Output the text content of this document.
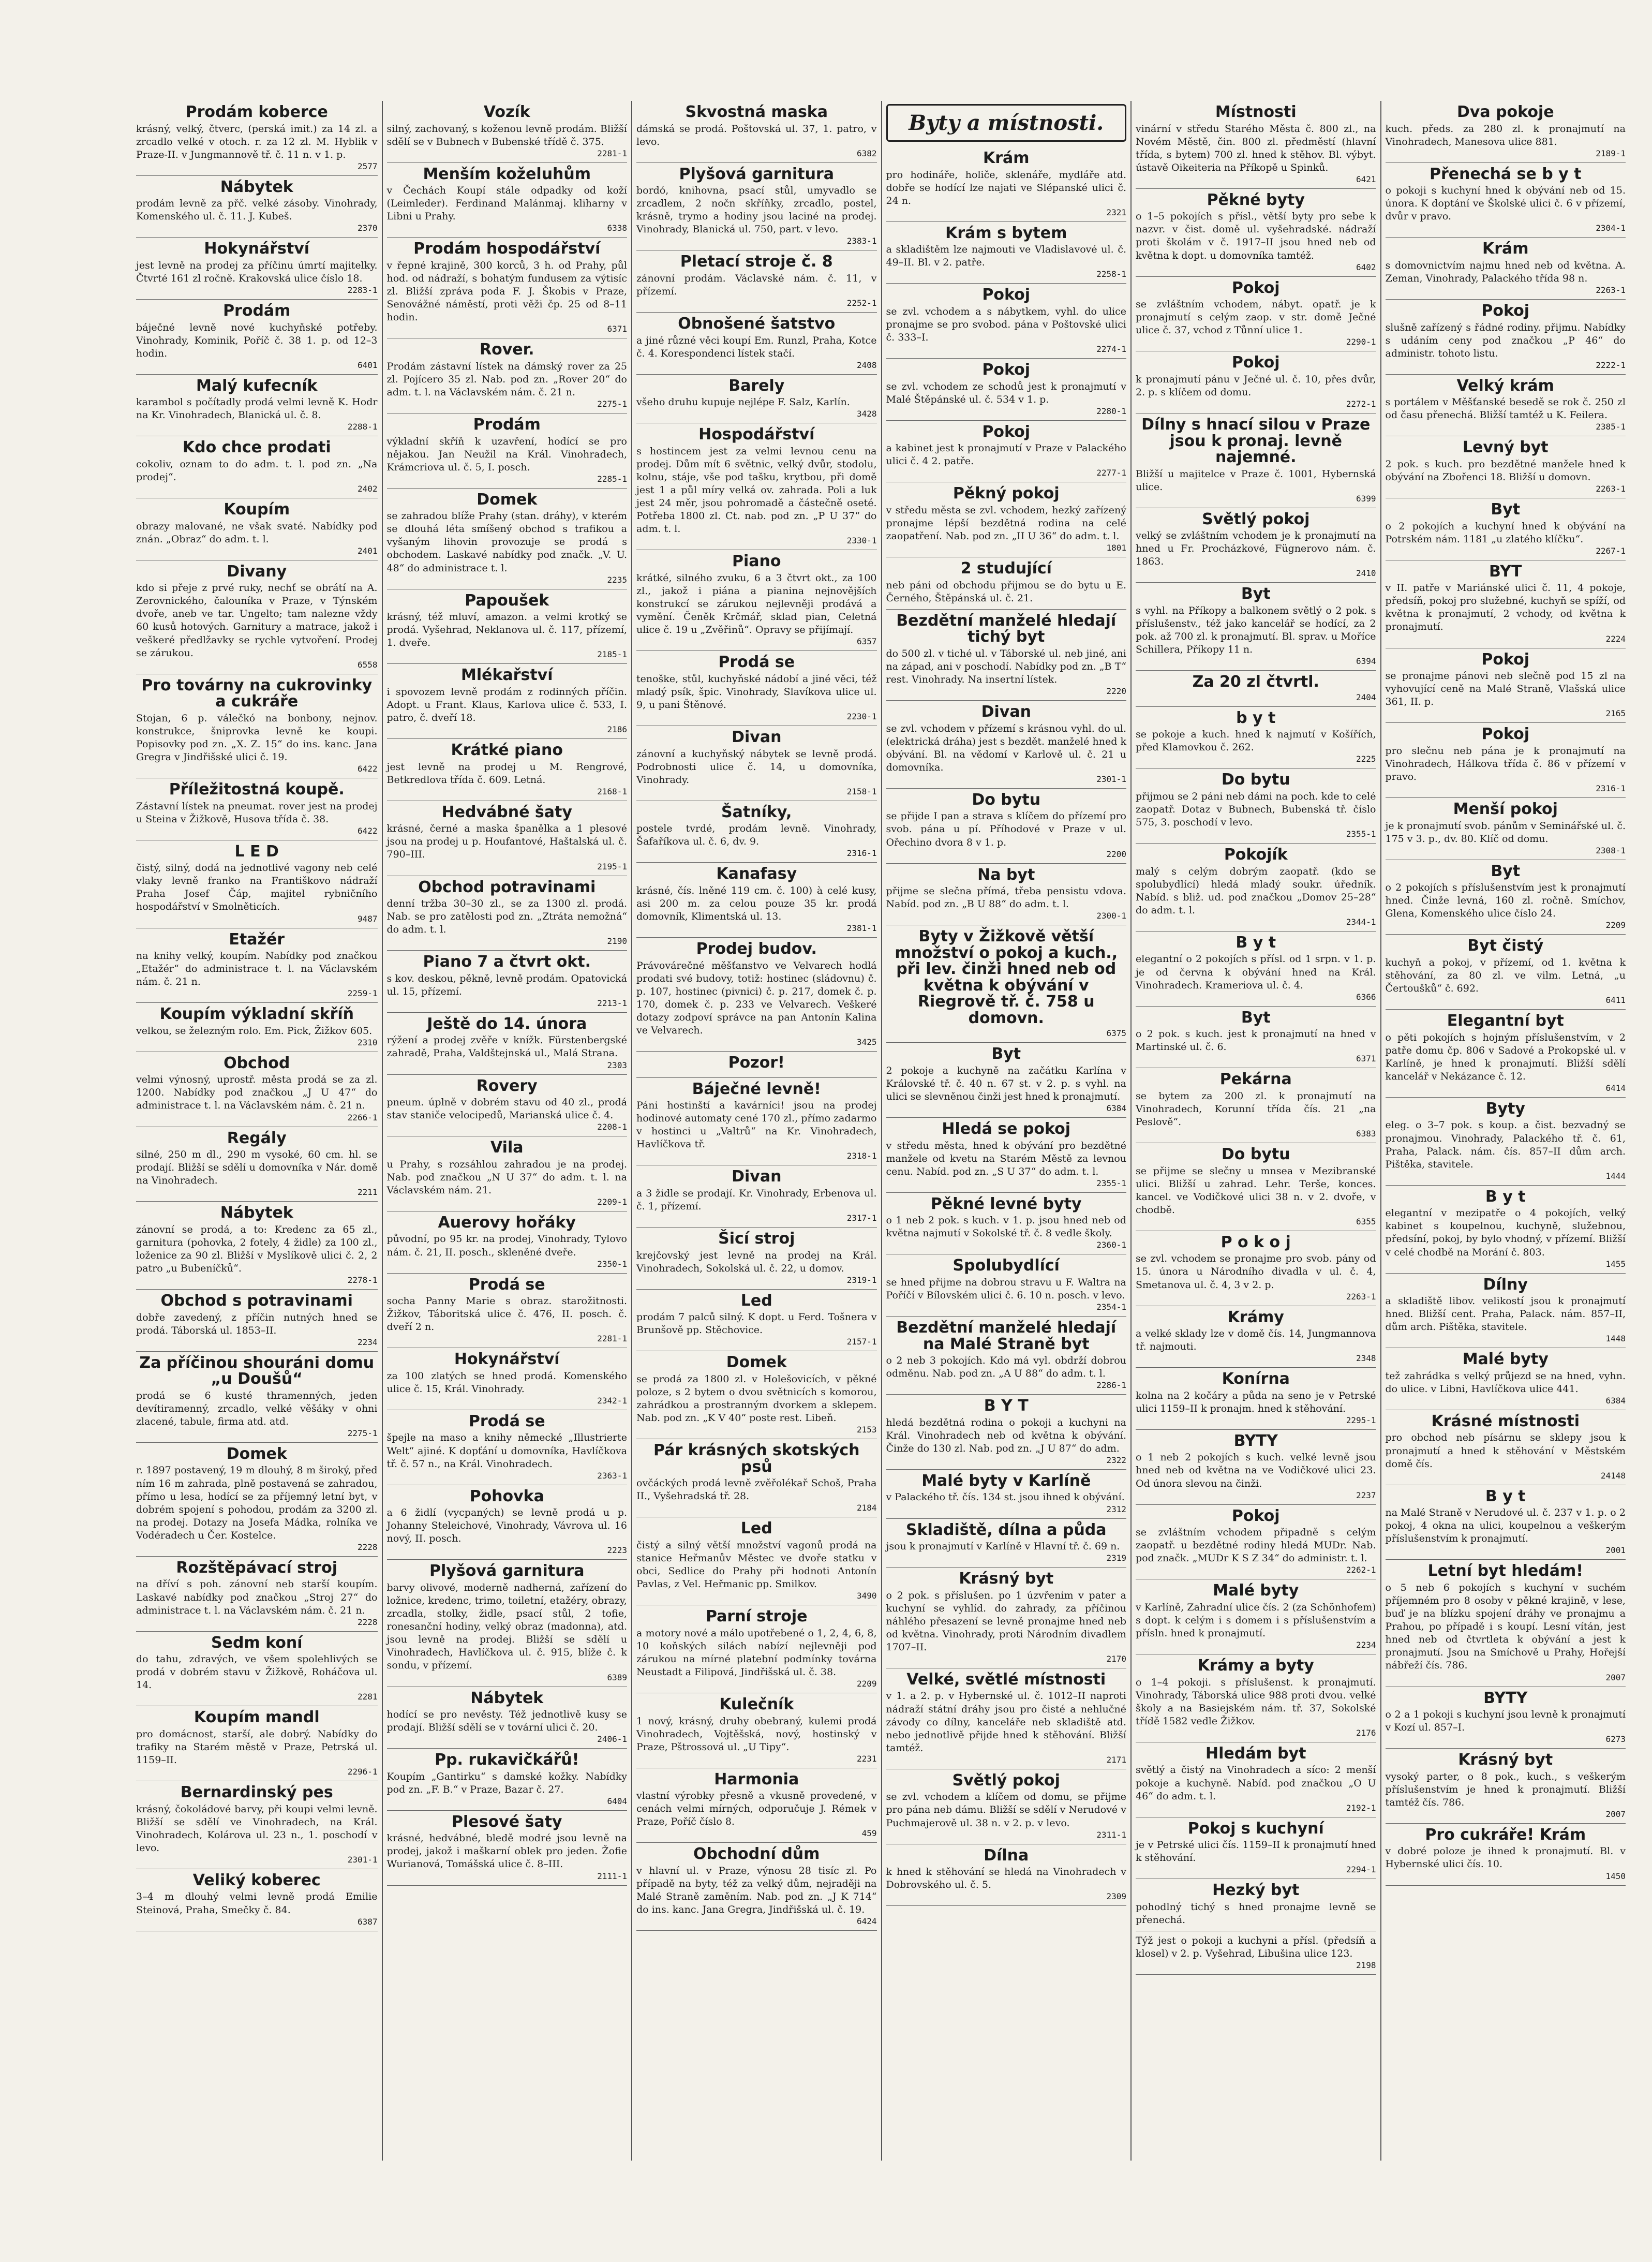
Prodám koberce

krásný, velký, čtverc, (perská imit.) za 14 zl. a zrcadlo velké v otoch. r. za 12 zl. M. Hyblik v Praze-II. v Jungmannově tř. č. 11 n. v 1. p.

2577
Nábytek

prodám levně za přč. velké zásoby. Vinohrady, Komenského ul. č. 11. J. Kubeš.

2370
Hokynářství

jest levně na prodej za příčinu úmrtí majitelky. Čtvrté 161 zl ročně. Krakovská ulice číslo 18.

2283-1
Prodám

báječné levně nové kuchyňské potřeby. Vinohrady, Kominik, Poříč č. 38 1. p. od 12–3 hodin.

6401
Malý kufecník

karambol s počítadly prodá velmi levně K. Hodr na Kr. Vinohradech, Blanická ul. č. 8.

2288-1
Kdo chce prodati

cokoliv, oznam to do adm. t. l. pod zn. „Na prodej“.

2402
Koupím

obrazy malované, ne však svaté. Nabídky pod znán. „Obraz“ do adm. t. l.

2401
Divany

kdo si přeje z prvé ruky, nechť se obrátí na A. Zerovnického, čalouníka v Praze, v Týnském dvoře, aneb ve tar. Ungelto; tam nalezne vždy 60 kusů hotových. Garnitury a matrace, jakož i veškeré předlžavky se rychle vytvoření. Prodej se zárukou.

6558
Pro továrny na cukrovinky a cukráře

Stojan, 6 p. válečkó na bonbony, nejnov. konstrukce, šniprovka levně ke koupi. Popisovky pod zn. „X. Z. 15“ do ins. kanc. Jana Gregra v Jindřišské ulici č. 19.

6422
Příležitostná koupě.

Zástavní lístek na pneumat. rover jest na prodej u Steina v Žižkově, Husova třída č. 38.

6422
L E D

čistý, silný, dodá na jednotlivé vagony neb celé vlaky levně franko na Františkovo nádraží Praha Josef Čáp, majitel rybničního hospodářství v Smolněticích.

9487
Etažér

na knihy velký, koupím. Nabídky pod značkou „Etažér“ do administrace t. l. na Václavském nám. č. 21 n.

2259-1
Koupím výkladní skříň

velkou, se železným rolo. Em. Pick, Žižkov 605.

2310
Obchod

velmi výnosný, uprostř. města prodá se za zl. 1200. Nabídky pod značkou „J U 47“ do administrace t. l. na Václavském nám. č. 21 n.

2266-1
Regály

silné, 250 m dl., 290 m vysoké, 60 cm. hl. se prodají. Bližší se sdělí u domovníka v Nár. domě na Vinohradech.

2211
Nábytek

zánovní se prodá, a to: Kredenc za 65 zl., garnitura (pohovka, 2 fotely, 4 židle) za 100 zl., loženice za 90 zl. Bližší v Myslíkově ulici č. 2, 2 patro „u Bubeníčků“.

2278-1
Obchod s potravinami

dobře zavedený, z příčin nutných hned se prodá. Táborská ul. 1853–II.

2234
Za příčinou shouráni domu „u Doušů“

prodá se 6 kusté thramenných, jeden devítiramenný, zrcadlo, velké věšáky v ohni zlacené, tabule, firma atd. atd.

2275-1
Domek

r. 1897 postavený, 19 m dlouhý, 8 m široký, před ním 16 m zahrada, plně postavená se zahradou, přímo u lesa, hodící se za příjemný letní byt, v dobrém spojení s pohodou, prodám za 3200 zl. na prodej. Dotazy na Josefa Mádka, rolníka ve Vodéradech u Čer. Kostelce.

2228
Rozštěpávací stroj

na dříví s poh. zánovní neb starší koupím. Laskavé nabídky pod značkou „Stroj 27“ do administrace t. l. na Václavském nám. č. 21 n.

2228
Sedm koní

do tahu, zdravých, ve všem spolehlivých se prodá v dobrém stavu v Žižkově, Roháčova ul. 14.

2281
Koupím mandl

pro domácnost, starší, ale dobrý. Nabídky do trafiky na Starém městě v Praze, Petrská ul. 1159–II.

2296-1
Bernardinský pes

krásný, čokoládové barvy, při koupi velmi levně. Bližší se sdělí ve Vinohradech, na Král. Vinohradech, Kolárova ul. 23 n., 1. poschodí v levo.

2301-1
Veliký koberec

3–4 m dlouhý velmi levně prodá Emilie Steinová, Praha, Smečky č. 84.

6387
Vozík

silný, zachovaný, s koženou levně prodám. Bližší sdělí se v Bubnech v Bubenské třídě č. 375.

2281-1
Menším koželuhům

v Čechách Koupí stále odpadky od koží (Leimleder). Ferdinand Malánmaj. kliharny v Libni u Prahy.

6338
Prodám hospodářství

v řepné krajině, 300 korců, 3 h. od Prahy, půl hod. od nádraží, s bohatým fundusem za výtisíc zl. Bližší zpráva poda F. J. Škobis v Praze, Senovážné náměstí, proti věži čp. 25 od 8–11 hodin.

6371
Rover.

Prodám zástavní lístek na dámský rover za 25 zl. Pojícero 35 zl. Nab. pod zn. „Rover 20“ do adm. t. l. na Václavském nám. č. 21 n.

2275-1
Prodám

výkladní skříň k uzavření, hodící se pro nějakou. Jan Neužil na Král. Vinohradech, Krámcriova ul. č. 5, I. posch.

2285-1
Domek

se zahradou blíže Prahy (stan. dráhy), v kterém se dlouhá léta smíšený obchod s trafikou a vyšaným lihovin provozuje se prodá s obchodem. Laskavé nabídky pod značk. „V. U. 48“ do administrace t. l.

2235
Papoušek

krásný, též mluví, amazon. a velmi krotký se prodá. Vyšehrad, Neklanova ul. č. 117, přízemí, 1. dveře.

2185-1
Mlékařství

i spovozem levně prodám z rodinných příčin. Adopt. u Frant. Klaus, Karlova ulice č. 533, I. patro, č. dveří 18.

2186
Krátké piano

jest levně na prodej u M. Rengrové, Betkredlova třída č. 609. Letná.

2168-1
Hedvábné šaty

krásné, černé a maska španělka a 1 plesové jsou na prodej u p. Houfantové, Haštalská ul. č. 790–III.

2195-1
Obchod potravinami

denní tržba 30–30 zl., se za 1300 zl. prodá. Nab. se pro zatělosti pod zn. „Ztráta nemožná“ do adm. t. l.

2190
Piano 7 a čtvrt okt.

s kov. deskou, pěkně, levně prodám. Opatovická ul. 15, přízemí.

2213-1
Ještě do 14. února

rýžení a prodej zvěře v knížk. Fürstenbergské zahradě, Praha, Valdštejnská ul., Malá Strana.

2303
Rovery

pneum. úplně v dobrém stavu od 40 zl., prodá stav staniče velocipedů, Marianská ulice č. 4.

2208-1
Vila

u Prahy, s rozsáhlou zahradou je na prodej. Nab. pod značkou „N U 37“ do adm. t. l. na Václavském nám. 21.

2209-1
Auerovy hořáky

původní, po 95 kr. na prodej, Vinohrady, Tylovo nám. č. 21, II. posch., skleněné dveře.

2350-1
Prodá se

socha Panny Marie s obraz. starožitnosti. Žižkov, Táboritská ulice č. 476, II. posch. č. dveří 2 n.

2281-1
Hokynářství

za 100 zlatých se hned prodá. Komenského ulice č. 15, Král. Vinohrady.

2342-1
Prodá se

špejle na maso a knihy německé „Illustrierte Welt“ ajiné. K dopťání u domovníka, Havlíčkova tř. č. 57 n., na Král. Vinohradech.

2363-1
Pohovka

a 6 židlí (vycpaných) se levně prodá u p. Johanny Steleichové, Vinohrady, Vávrova ul. 16 nový, II. posch.

2223
Plyšová garnitura

barvy olivové, moderně nadherná, zařízení do ložnice, kredenc, trimo, toiletní, etažéry, obrazy, zrcadla, stolky, židle, psací stůl, 2 tofie, ronesanční hodiny, velký obraz (madonna), atd. jsou levně na prodej. Bližší se sdělí u Vinohradech, Havlíčkova ul. č. 915, blíže č. k sondu, v přízemí.

6389
Nábytek

hodící se pro nevěsty. Též jednotlivě kusy se prodají. Bližší sdělí se v tovární ulici č. 20.

2406-1
Pp. rukavičkářů!

Koupím „Gantirku“ s damské kožky. Nabídky pod zn. „F. B.“ v Praze, Bazar č. 27.

6404
Plesové šaty

krásné, hedvábné, bledě modré jsou levně na prodej, jakož i maškarní oblek pro jeden. Žofie Wurianová, Tomášská ulice č. 8–III.

2111-1
Skvostná maska

dámská se prodá. Poštovská ul. 37, 1. patro, v levo.

6382
Plyšová garnitura

bordó, knihovna, psací stůl, umyvadlo se zrcadlem, 2 nočn skříňky, zrcadlo, postel, krásně, trymo a hodiny jsou laciné na prodej. Vinohrady, Blanická ul. 750, part. v levo.

2383-1
Pletací stroje č. 8

zánovní prodám. Václavské nám. č. 11, v přízemí.

2252-1
Obnošené šatstvo

a jiné různé věci koupí Em. Runzl, Praha, Kotce č. 4. Korespondenci lístek stačí.

2408
Barely

všeho druhu kupuje nejlépe F. Salz, Karlín.

3428
Hospodářství

s hostincem jest za velmi levnou cenu na prodej. Dům mít 6 světnic, velký dvůr, stodolu, kolnu, stáje, vše pod tašku, krytbou, při domě jest 1 a půl míry velká ov. zahrada. Poli a luk jest 24 měr, jsou pohromadě a částečně oseté. Potřeba 1800 zl. Ct. nab. pod zn. „P U 37“ do adm. t. l.

2330-1
Piano

krátké, silného zvuku, 6 a 3 čtvrt okt., za 100 zl., jakož i piána a pianina nejnovějších konstrukcí se zárukou nejlevněji prodává a vymění. Čeněk Krčmář, sklad pian, Celetná ulice č. 19 u „Zvěřinů“. Opravy se přijímají.

6357
Prodá se

tenoške, stůl, kuchyňské nádobí a jiné věci, též mladý psík, špic. Vinohrady, Slavíkova ulice ul. 9, u pani Štěnové.

2230-1
Divan

zánovní a kuchyňský nábytek se levně prodá. Podrobnosti ulice č. 14, u domovníka, Vinohrady.

2158-1
Šatníky,

postele tvrdé, prodám levně. Vinohrady, Šafaříkova ul. č. 6, dv. 9.

2316-1
Kanafasy

krásné, čís. lněné 119 cm. č. 100) à celé kusy, asi 200 m. za celou pouze 35 kr. prodá domovník, Klimentská ul. 13.

2381-1
Prodej budov.

Právovárečné měšťanstvo ve Velvarech hodlá prodati své budovy, totiž: hostinec (sládovnu) č. p. 107, hostinec (pivnici) č. p. 217, domek č. p. 170, domek č. p. 233 ve Velvarech. Veškeré dotazy zodpoví správce na pan Antonín Kalina ve Velvarech.

3425
Pozor!
Báječné levně!

Páni hostinští a kavárníci! jsou na prodej hodinové automaty cené 170 zl., přímo zadarmo v hostinci u „Valtrů“ na Kr. Vinohradech, Havlíčkova tř.

2318-1
Divan

a 3 židle se prodají. Kr. Vinohrady, Erbenova ul. č. 1, přízemí.

2317-1
Šicí stroj

krejčovský jest levně na prodej na Král. Vinohradech, Sokolská ul. č. 22, u domov.

2319-1
Led

prodám 7 palců silný. K dopt. u Ferd. Tošnera v Brunšově pp. Stěchovice.

2157-1
Domek

se prodá za 1800 zl. v Holešovicích, v pěkné poloze, s 2 bytem o dvou světnicích s komorou, zahrádkou a prostranným dvorkem a sklepem. Nab. pod zn. „K V 40“ poste rest. Libeň.

2153
Pár krásných skotských psů

ovčáckých prodá levně zvěřolékař Schoš, Praha II., Vyšehradská tř. 28.

2184
Led

čistý a silný větší množství vagonů prodá na stanice Heřmanův Městec ve dvoře statku v obci, Sedlice do Prahy při hodnoti Antonín Pavlas, z Vel. Heřmanic pp. Smilkov.

3490
Parní stroje

a motory nové a málo upotřebené o 1, 2, 4, 6, 8, 10 koňských silách nabízí nejlevněji pod zárukou na mírné platební podmínky továrna Neustadt a Filipová, Jindřišská ul. č. 38.

2209
Kulečník

1 nový, krásný, druhy obebraný, kulemi prodá Vinohradech, Vojtěšská, nový, hostinský v Praze, Pštrossová ul. „U Tipy“.

2231
Harmonia

vlastní výrobky přesně a vkusně provedené, v cenách velmi mírných, odporučuje J. Rémek v Praze, Poříč číslo 8.

459
Obchodní dům

v hlavní ul. v Praze, výnosu 28 tisíc zl. Po případě na byty, též za velký dům, nejraději na Malé Straně zaměním. Nab. pod zn. „J K 714“ do ins. kanc. Jana Gregra, Jindřišská ul. č. 19.

6424
Byty a místnosti.
Krám

pro hodináře, holiče, sklenáře, mydláře atd. dobře se hodící lze najati ve Slépanské ulici č. 24 n.

2321
Krám s bytem

a skladištěm lze najmouti ve Vladislavové ul. č. 49–II. Bl. v 2. patře.

2258-1
Pokoj

se zvl. vchodem a s nábytkem, vyhl. do ulice pronajme se pro svobod. pána v Poštovské ulici č. 333–I.

2274-1
Pokoj

se zvl. vchodem ze schodů jest k pronajmutí v Malé Štěpánské ul. č. 534 v 1. p.

2280-1
Pokoj

a kabinet jest k pronajmutí v Praze v Palackého ulici č. 4 2. patře.

2277-1
Pěkný pokoj

v středu města se zvl. vchodem, hezký zařízený pronajme lépší bezdětná rodina na celé zaopatření. Nab. pod zn. „II U 36“ do adm. t. l.

1801
2 studující

neb páni od obchodu přijmou se do bytu u E. Černého, Štěpánská ul. č. 21.

Bezdětní manželé hledají tichý byt

do 500 zl. v tiché ul. v Táborské ul. neb jiné, ani na západ, ani v poschodí. Nabídky pod zn. „B T“ rest. Vinohrady. Na insertní lístek.

2220
Divan

se zvl. vchodem v přízemí s krásnou vyhl. do ul. (elektrická dráha) jest s bezdět. manželé hned k obývání. Bl. na vědomí v Karlově ul. č. 21 u domovníka.

2301-1
Do bytu

se přijde I pan a strava s klíčem do přízemí pro svob. pána u pí. Příhodové v Praze v ul. Ořechino dvora 8 v 1. p.

2200
Na byt

přijme se slečna přímá, třeba pensistu vdova. Nabíd. pod zn. „B U 88“ do adm. t. l.

2300-1
Byty v Žižkově větší množství o pokoj a kuch., při lev. činži hned neb od května k obývání v Riegrově tř. č. 758 u domovn.
6375
Byt

2 pokoje a kuchyně na začátku Karlína v Královské tř. č. 40 n. 67 st. v 2. p. s vyhl. na ulici se slevněnou činži jest hned k pronajmutí.

6384
Hledá se pokoj

v středu města, hned k obývání pro bezdětné manžele od kvetu na Starém Městě za levnou cenu. Nabíd. pod zn. „S U 37“ do adm. t. l.

2355-1
Pěkné levné byty

o 1 neb 2 pok. s kuch. v 1. p. jsou hned neb od května najmutí v Sokolské tř. č. 8 vedle školy.

2360-1
Spolubydlící

se hned přijme na dobrou stravu u F. Waltra na Poříčí v Bílovském ulici č. 6. 10 n. posch. v levo.

2354-1
Bezdětní manželé hledají na Malé Straně byt

o 2 neb 3 pokojích. Kdo má vyl. obdrží dobrou odměnu. Nab. pod zn. „A U 88“ do adm. t. l.

2286-1
B Y T

hledá bezdětná rodina o pokoji a kuchyni na Král. Vinohradech neb od května k obývání. Činže do 130 zl. Nab. pod zn. „J U 87“ do adm.

2322
Malé byty v Karlíně

v Palackého tř. čís. 134 st. jsou ihned k obývání.

2312
Skladiště, dílna a půda

jsou k pronajmutí v Karlíně v Hlavní tř. č. 69 n.

2319
Krásný byt

o 2 pok. s příslušen. po 1 úzvřenim v pater a kuchyní se vyhlíd. do zahrady, za příčinou náhlého přesazení se levně pronajme hned neb od května. Vinohrady, proti Národním divadlem 1707–II.

2170
Velké, světlé místnosti

v 1. a 2. p. v Hybernské ul. č. 1012–II naproti nádraží státní dráhy jsou pro čisté a nehlučné závody co dílny, kanceláře neb skladiště atd. nebo jednotlivě přijde hned k stěhování. Bližší tamtéž.

2171
Světlý pokoj

se zvl. vchodem a klíčem od domu, se přijme pro pána neb dámu. Bližší se sdělí v Nerudové v Puchmajerově ul. 38 n. v 2. p. v levo.

2311-1
Dílna

k hned k stěhování se hledá na Vinohradech v Dobrovského ul. č. 5.

2309
Místnosti

vinární v středu Starého Města č. 800 zl., na Novém Městě, čin. 800 zl. předměstí (hlavní třída, s bytem) 700 zl. hned k stěhov. Bl. výbyt. ústavě Oikeiteria na Příkopě u Spinků.

6421
Pěkné byty

o 1–5 pokojích s přísl., větší byty pro sebe k nazvr. v čist. domě ul. vyšehradské. nádraží proti školám v č. 1917–II jsou hned neb od května k dopt. u domovníka tamtéž.

6402
Pokoj

se zvláštním vchodem, nábyt. opatř. je k pronajmutí s celým zaop. v str. domě Ječné ulice č. 37, vchod z Tůnní ulice 1.

2290-1
Pokoj

k pronajmutí pánu v Ječné ul. č. 10, přes dvůr, 2. p. s klíčem od domu.

2272-1
Dílny s hnací silou v Praze jsou k pronaj. levně najemné.

Bližší u majitelce v Praze č. 1001, Hybernská ulice.

6399
Světlý pokoj

velký se zvláštním vchodem je k pronajmutí na hned u Fr. Procházkové, Fügnerovo nám. č. 1863.

2410
Byt

s vyhl. na Příkopy a balkonem světlý o 2 pok. s příslušenstv., též jako kancelář se hodící, za 2 pok. až 700 zl. k pronajmutí. Bl. sprav. u Moříce Schillera, Příkopy 11 n.

6394
Za 20 zl čtvrtl.
2404
b y t

se pokoje a kuch. hned k najmutí v Košířích, před Klamovkou č. 262.

2225
Do bytu

přijmou se 2 páni neb dámi na poch. kde to celé zaopatř. Dotaz v Bubnech, Bubenská tř. číslo 575, 3. poschodí v levo.

2355-1
Pokojík

malý s celým dobrým zaopatř. (kdo se spolubydlící) hledá mladý soukr. úředník. Nabíd. s bliž. ud. pod značkou „Domov 25–28“ do adm. t. l.

2344-1
B y t

elegantní o 2 pokojích s přísl. od 1 srpn. v 1. p. je od června k obývání hned na Král. Vinohradech. Krameriova ul. č. 4.

6366
Byt

o 2 pok. s kuch. jest k pronajmutí na hned v Martinské ul. č. 6.

6371
Pekárna

se bytem za 200 zl. k pronajmutí na Vinohradech, Korunní třída čís. 21 „na Peslově“.

6383
Do bytu

se přijme se slečny u mnsea v Mezibranské ulici. Bližší u zahrad. Lehr. Terše, konces. kancel. ve Vodičkové ulici 38 n. v 2. dvoře, v chodbě.

6355
P o k o j

se zvl. vchodem se pronajme pro svob. pány od 15. února u Národního divadla v ul. č. 4, Smetanova ul. č. 4, 3 v 2. p.

2263-1
Krámy

a velké sklady lze v domě čís. 14, Jungmannova tř. najmouti.

2348
Konírna

kolna na 2 kočáry a půda na seno je v Petrské ulici 1159–II k pronajm. hned k stěhování.

2295-1
BYTY

o 1 neb 2 pokojích s kuch. velké levně jsou hned neb od května na ve Vodičkové ulici 23. Od února slevou na činži.

2237
Pokoj

se zvláštním vchodem připadně s celým zaopatř. u bezdětné rodiny hledá MUDr. Nab. pod značk. „MUDr K S Z 34“ do administr. t. l.

2262-1
Malé byty

v Karlíně, Zahradní ulice čís. 2 (za Schönhofem) s dopt. k celým i s domem i s příslušenstvím a přísln. hned k pronajmutí.

2234
Krámy a byty

o 1–4 pokoji. s příslušenst. k pronajmutí. Vinohrady, Táborská ulice 988 proti dvou. velké školy a na Basiejském nám. tř. 37, Sokolské třídě 1582 vedle Žižkov.

2176
Hledám byt

světlý a čistý na Vinohradech a síco: 2 menší pokoje a kuchyně. Nabíd. pod značkou „O U 46“ do adm. t. l.

2192-1
Pokoj s kuchyní

je v Petrské ulici čís. 1159–II k pronajmutí hned k stěhování.

2294-1
Hezký byt

pohodlný tichý s hned pronajme levně se přenechá.

Týž jest o pokoji a kuchyni a přísl. (předsíň a klosel) v 2. p. Vyšehrad, Libušina ulice 123.

2198
Dva pokoje

kuch. předs. za 280 zl. k pronajmutí na Vinohradech, Manesova ulice 881.

2189-1
Přenechá se b y t

o pokoji s kuchyní hned k obývání neb od 15. února. K doptání ve Školské ulici č. 6 v přízemí, dvůr v pravo.

2304-1
Krám

s domovnictvím najmu hned neb od května. A. Zeman, Vinohrady, Palackého třída 98 n.

2263-1
Pokoj

slušně zařízený s řádné rodiny. přijmu. Nabídky s udáním ceny pod značkou „P 46“ do administr. tohoto listu.

2222-1
Velký krám

s portálem v Měšťanské besedě se rok č. 250 zl od času přenechá. Bližší tamtéž u K. Feilera.

2385-1
Levný byt

2 pok. s kuch. pro bezdětné manžele hned k obývání na Zbořenci 18. Bližší u domovn.

2263-1
Byt

o 2 pokojích a kuchyní hned k obývání na Potrském nám. 1181 „u zlatého klíčku“.

2267-1
BYT

v II. patře v Mariánské ulici č. 11, 4 pokoje, předsíň, pokoj pro služebné, kuchyň se spíží, od května k pronajmutí, 2 vchody, od května k pronajmutí.

2224
Pokoj

se pronajme pánovi neb slečně pod 15 zl na vyhovující ceně na Malé Straně, Vlašská ulice 361, II. p.

2165
Pokoj

pro slečnu neb pána je k pronajmutí na Vinohradech, Hálkova třída č. 86 v přízemí v pravo.

2316-1
Menší pokoj

je k pronajmutí svob. pánům v Seminářské ul. č. 175 v 3. p., dv. 80. Klíč od domu.

2308-1
Byt

o 2 pokojích s příslušenstvím jest k pronajmutí hned. Činže levná, 160 zl. ročně. Smíchov, Glena, Komenského ulice číslo 24.

2209
Byt čistý

kuchyň a pokoj, v přízemí, od 1. května k stěhování, za 80 zl. ve vilm. Letná, „u Čertoušků“ č. 692.

6411
Elegantní byt

o pěti pokojích s hojným příslušenstvím, v 2 patře domu čp. 806 v Sadové a Prokopské ul. v Karlíně, je hned k pronajmutí. Bližší sdělí kancelář v Nekázance č. 12.

6414
Byty

eleg. o 3–7 pok. s koup. a čist. bezvadný se pronajmou. Vinohrady, Palackého tř. č. 61, Praha, Palack. nám. čís. 857–II dům arch. Pištěka, stavitele.

1444
B y t

elegantní v mezipatře o 4 pokojích, velký kabinet s koupelnou, kuchyně, služebnou, předsíní, pokoj, by bylo vhodný, v přízemí. Bližší v celé chodbě na Morání č. 803.

1455
Dílny

a skladiště libov. velikostí jsou k pronajmutí hned. Bližší cent. Praha, Palack. nám. 857–II, dům arch. Pištěka, stavitele.

1448
Malé byty

tež zahrádka s velký průjezd se na hned, vyhn. do ulice. v Libni, Havlíčkova ulice 441.

6384
Krásné místnosti

pro obchod neb písárnu se sklepy jsou k pronajmutí a hned k stěhování v Městském domě čís.

24148
B y t

na Malé Straně v Nerudové ul. č. 237 v 1. p. o 2 pokoj, 4 okna na ulici, koupelnou a veškerým příslušenstvím k pronajmutí.

2001
Letní byt hledám!

o 5 neb 6 pokojích s kuchyní v suchém příjemném pro 8 osoby v pěkné krajině, v lese, buď je na blízku spojení dráhy ve pronajmu a Prahou, po případě i s koupí. Lesní vítán, jest hned neb od čtvrtleta k obývání a jest k pronajmutí. Jsou na Smíchově u Prahy, Hořejší nábřeží čís. 786.

2007
BYTY

o 2 a 1 pokoji s kuchyní jsou levně k pronajmutí v Kozí ul. 857–I.

6273
Krásný byt

vysoký parter, o 8 pok., kuch., s veškerým příslušenstvím je hned k pronajmutí. Bližší tamtéž čís. 786.

2007
Pro cukráře! Krám

v dobré poloze je ihned k pronajmutí. Bl. v Hybernské ulici čís. 10.

1450
